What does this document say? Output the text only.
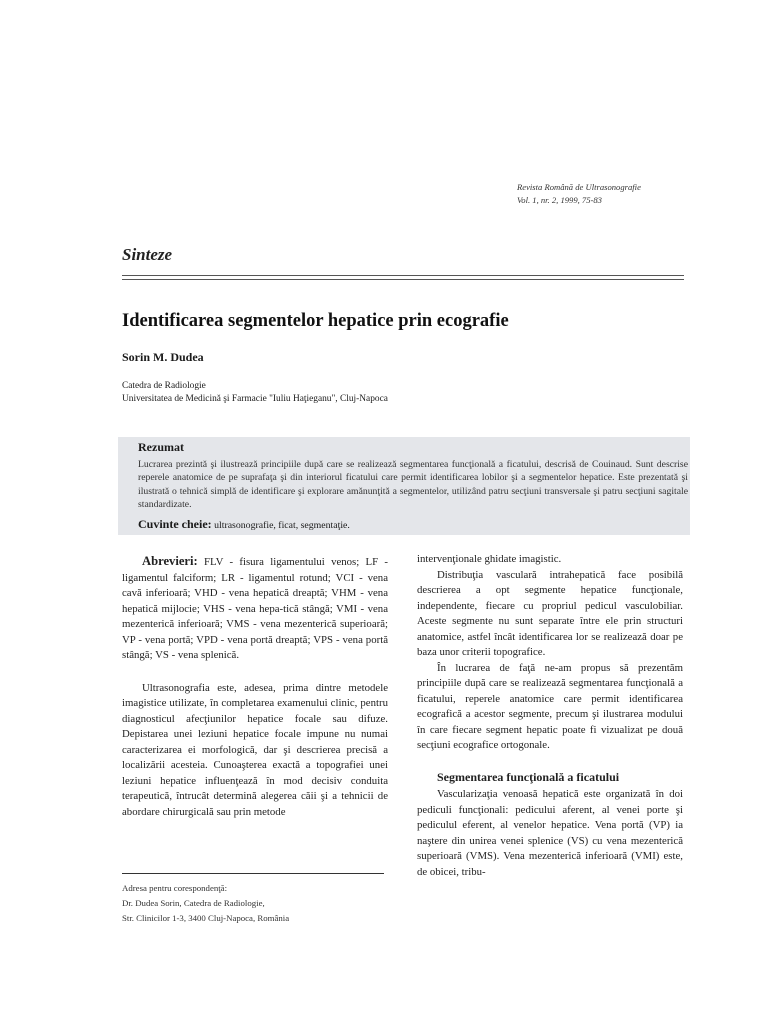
Revista Română de Ultrasonografie
Vol. 1, nr. 2, 1999, 75-83
Sinteze
Identificarea segmentelor hepatice prin ecografie
Sorin M. Dudea
Catedra de Radiologie
Universitatea de Medicină şi Farmacie "Iuliu Haţieganu", Cluj-Napoca
Rezumat
Lucrarea prezintă şi ilustrează principiile după care se realizează segmentarea funcţională a ficatului, descrisă de Couinaud. Sunt descrise reperele anatomice de pe suprafaţa şi din interiorul ficatului care permit identificarea lobilor şi a segmentelor hepatice. Este prezentată şi ilustrată o tehnică simplă de identificare şi explorare amănunţită a segmentelor, utilizând patru secţiuni transversale şi patru secţiuni sagitale standardizate.
Cuvinte cheie: ultrasonografie, ficat, segmentaţie.

Abrevieri: FLV - fisura ligamentului venos; LF - ligamentul falciform; LR - ligamentul rotund; VCI - vena cavă inferioară; VHD - vena hepatică dreaptă; VHM - vena hepatică mijlocie; VHS - vena hepa-tică stângă; VMI - vena mezenterică inferioară; VMS - vena mezenterică superioară; VP - vena portă; VPD - vena portă dreaptă; VPS - vena portă stângă; VS - vena splenică.

Ultrasonografia este, adesea, prima dintre metodele imagistice utilizate, în completarea examenului clinic, pentru diagnosticul afecţiunilor hepatice focale sau difuze. Depistarea unei leziuni hepatice focale impune nu numai caracterizarea ei morfologică, dar şi descrierea precisă a localizării acesteia. Cunoaşterea exactă a topografiei unei leziuni hepatice influenţează în mod decisiv conduita terapeutică, întrucât determină alegerea căii şi a tehnicii de abordare chirurgicală sau prin metode

intervenţionale ghidate imagistic.

Distribuţia vasculară intrahepatică face posibilă descrierea a opt segmente hepatice funcţionale, independente, fiecare cu propriul pedicul vasculobiliar. Aceste segmente nu sunt separate între ele prin structuri anatomice, astfel încât identificarea lor se realizează doar pe baza unor criterii topografice.

În lucrarea de faţă ne-am propus să prezentăm principiile după care se realizează segmentarea funcţională a ficatului, reperele anatomice care permit identificarea ecografică a acestor segmente, precum şi ilustrarea modului în care fiecare segment hepatic poate fi vizualizat pe două secţiuni ecografice ortogonale.

Segmentarea funcţională a ficatului

Vascularizaţia venoasă hepatică este organizată în doi pediculi funcţionali: pedicului aferent, al venei porte şi pediculul eferent, al venelor hepatice. Vena portă (VP) ia naştere din unirea venei splenice (VS) cu vena mezenterică superioară (VMS). Vena mezenterică inferioară (VMI) este, de obicei, tribu-

Adresa pentru corespondenţă:
Dr. Dudea Sorin, Catedra de Radiologie,
Str. Clinicilor 1-3, 3400 Cluj-Napoca, România
